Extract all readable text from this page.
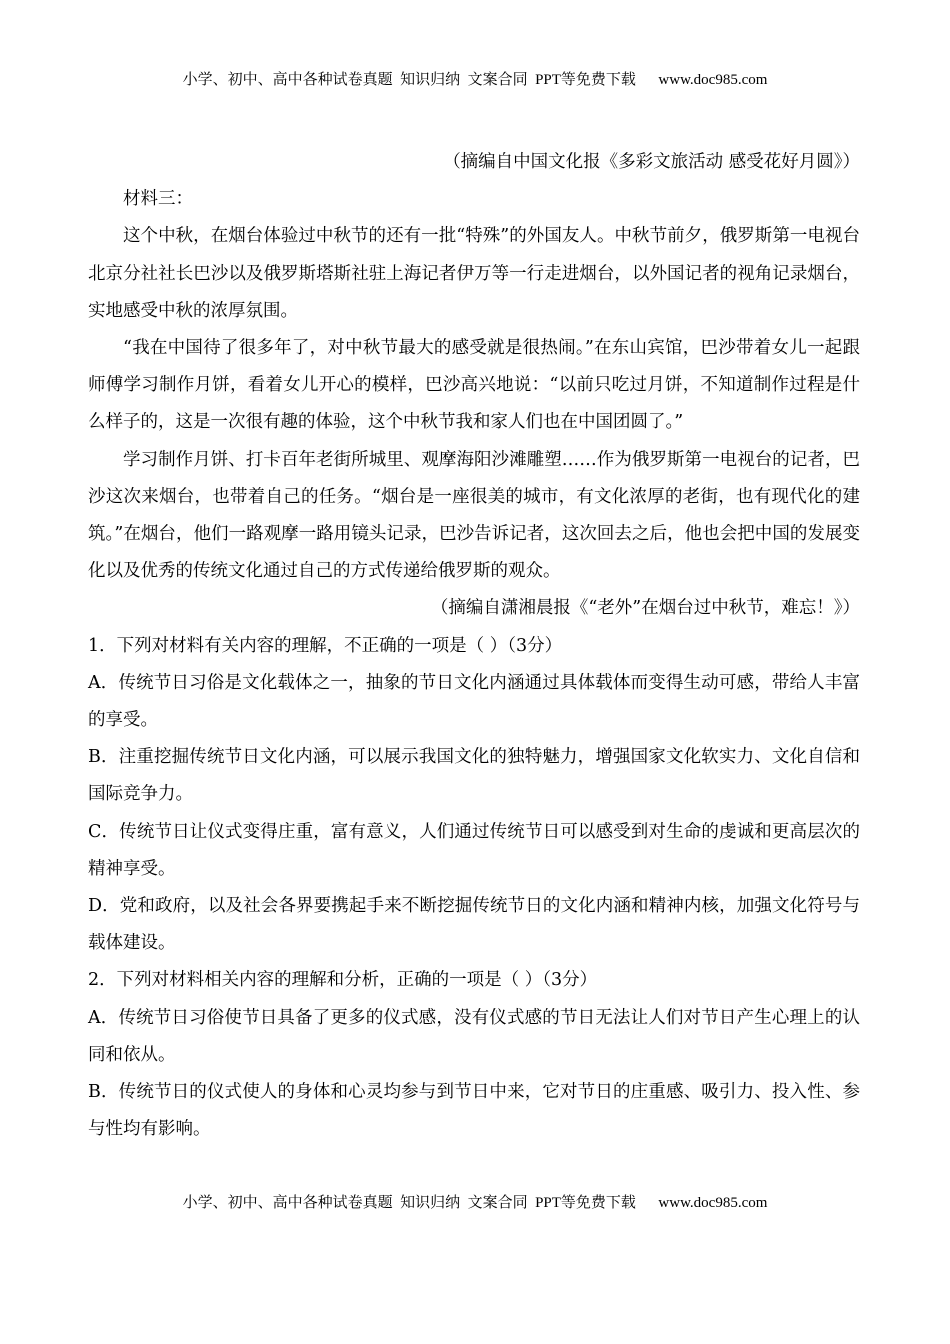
小学、初中、高中各种试卷真题  知识归纳  文案合同  PPT等免费下载      www.doc985.com

（摘编自中国文化报《多彩文旅活动 感受花好月圆》）

材料三：

这个中秋，在烟台体验过中秋节的还有一批“特殊”的外国友人。中秋节前夕，俄罗斯第一电视台北京分社社长巴沙以及俄罗斯塔斯社驻上海记者伊万等一行走进烟台，以外国记者的视角记录烟台，实地感受中秋的浓厚氛围。

“我在中国待了很多年了，对中秋节最大的感受就是很热闹。”在东山宾馆，巴沙带着女儿一起跟师傅学习制作月饼，看着女儿开心的模样，巴沙高兴地说：“以前只吃过月饼，不知道制作过程是什么样子的，这是一次很有趣的体验，这个中秋节我和家人们也在中国团圆了。”

学习制作月饼、打卡百年老街所城里、观摩海阳沙滩雕塑……作为俄罗斯第一电视台的记者，巴沙这次来烟台，也带着自己的任务。“烟台是一座很美的城市，有文化浓厚的老街，也有现代化的建筑。”在烟台，他们一路观摩一路用镜头记录，巴沙告诉记者，这次回去之后，他也会把中国的发展变化以及优秀的传统文化通过自己的方式传递给俄罗斯的观众。

（摘编自潇湘晨报《“老外”在烟台过中秋节，难忘！》）

1．下列对材料有关内容的理解，不正确的一项是（ ）（3分）

A．传统节日习俗是文化载体之一，抽象的节日文化内涵通过具体载体而变得生动可感，带给人丰富的享受。

B．注重挖掘传统节日文化内涵，可以展示我国文化的独特魅力，增强国家文化软实力、文化自信和国际竞争力。

C．传统节日让仪式变得庄重，富有意义，人们通过传统节日可以感受到对生命的虔诚和更高层次的精神享受。

D．党和政府，以及社会各界要携起手来不断挖掘传统节日的文化内涵和精神内核，加强文化符号与载体建设。

2．下列对材料相关内容的理解和分析，正确的一项是（ ）（3分）

A．传统节日习俗使节日具备了更多的仪式感，没有仪式感的节日无法让人们对节日产生心理上的认同和依从。

B．传统节日的仪式使人的身体和心灵均参与到节日中来，它对节日的庄重感、吸引力、投入性、参与性均有影响。

小学、初中、高中各种试卷真题  知识归纳  文案合同  PPT等免费下载      www.doc985.com
